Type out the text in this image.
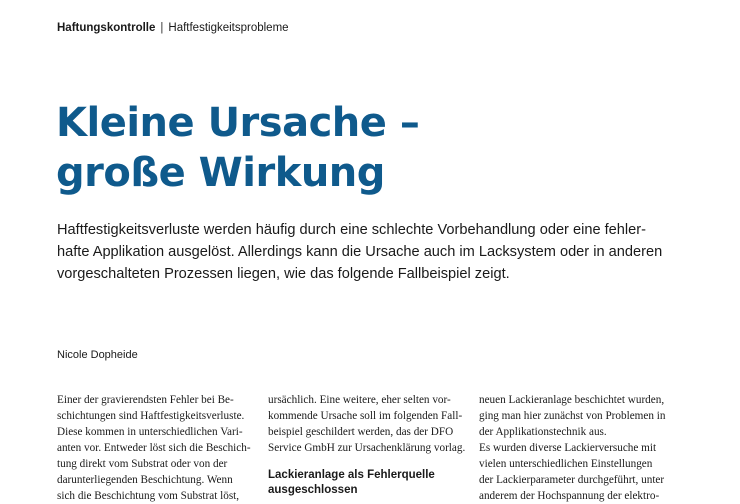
Haftungskontrolle | Haftfestigkeitsprobleme
Kleine Ursache –
große Wirkung
Haftfestigkeitsverluste werden häufig durch eine schlechte Vorbehandlung oder eine fehler-
hafte Applikation ausgelöst. Allerdings kann die Ursache auch im Lacksystem oder in anderen
vorgeschalteten Prozessen liegen, wie das folgende Fallbeispiel zeigt.
Nicole Dopheide
Einer der gravierendsten Fehler bei Be-
schichtungen sind Haftfestigkeitsverluste.
Diese kommen in unterschiedlichen Vari-
anten vor. Entweder löst sich die Beschich-
tung direkt vom Substrat oder von der
darunterliegenden Beschichtung. Wenn
sich die Beschichtung vom Substrat löst,
ursächlich. Eine weitere, eher selten vor-
kommende Ursache soll im folgenden Fall-
beispiel geschildert werden, das der DFO
Service GmbH zur Ursachenklärung vorlag.
Lackieranlage als Fehlerquelle
ausgeschlossen
neuen Lackieranlage beschichtet wurden,
ging man hier zunächst von Problemen in
der Applikationstechnik aus.
Es wurden diverse Lackierversuche mit
vielen unterschiedlichen Einstellungen
der Lackierparameter durchgeführt, unter
anderem der Hochspannung der elektro-
